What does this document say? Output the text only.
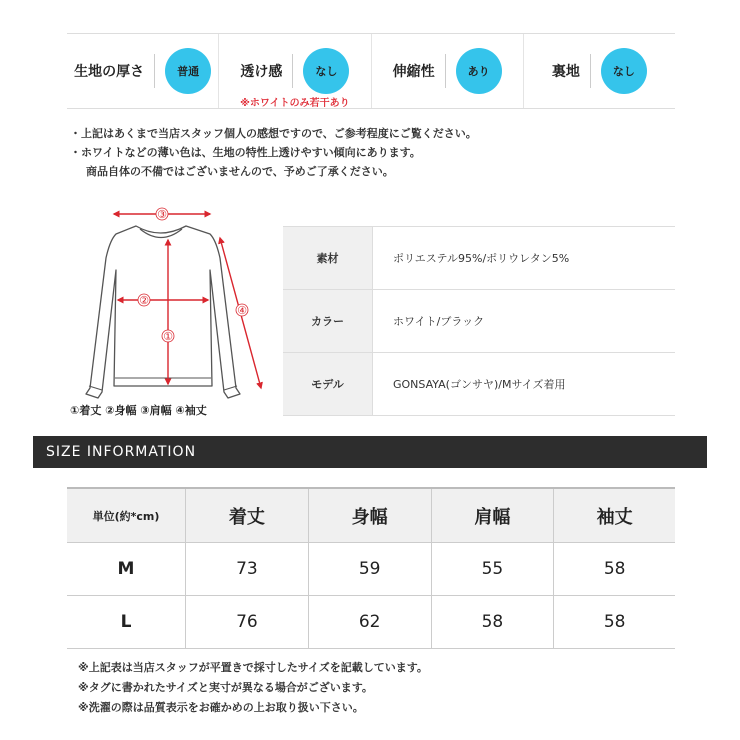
生地の厚さ	普通	透け感	なし
※ホワイトのみ若干あり
伸縮性	あり	裏地	なし
・上記はあくまで当店スタッフ個人の感想ですので、ご参考程度にご覧ください。
・ホワイトなどの薄い色は、生地の特性上透けやすい傾向にあります。
商品自体の不備ではございませんので、予めご了承ください。
③
②
①
④
①着丈 ②身幅 ③肩幅 ④袖丈
素材	ポリエステル95%/ポリウレタン5%
カラー	ホワイト/ブラック
モデル	GONSAYA(ゴンサヤ)/Mサイズ着用
SIZE INFORMATION
単位(約*cm)	着丈	身幅	肩幅	袖丈
M	73	59	55	58
L	76	62	58	58
※上記表は当店スタッフが平置きで採寸したサイズを記載しています。
※タグに書かれたサイズと実寸が異なる場合がございます。
※洗濯の際は品質表示をお確かめの上お取り扱い下さい。
